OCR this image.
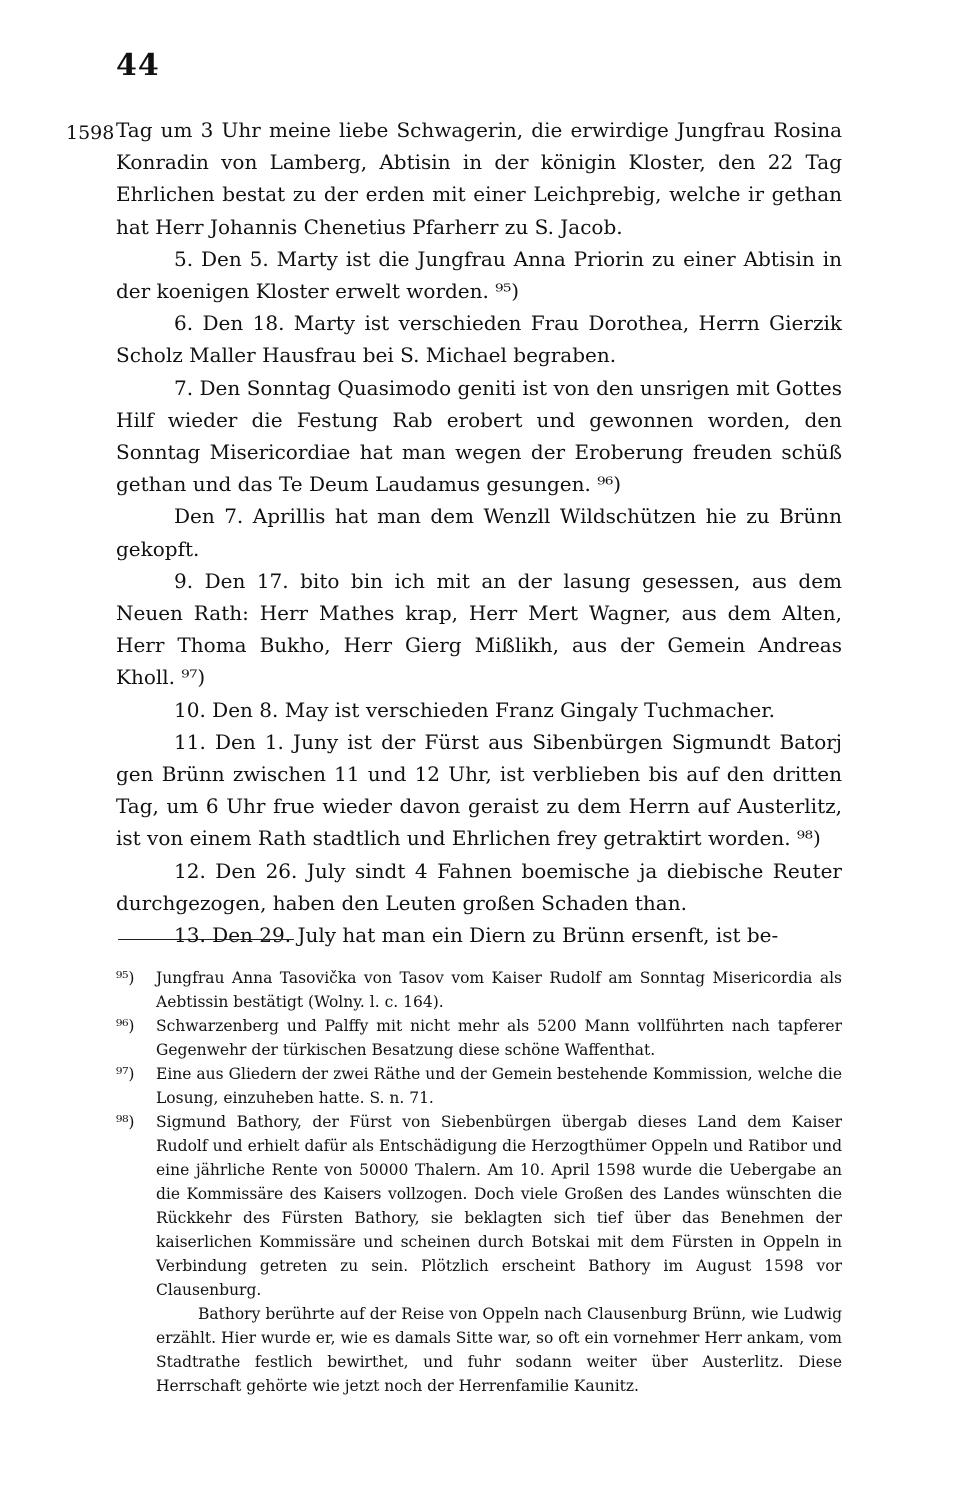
44
1598 Tag um 3 Uhr meine liebe Schwagerin, die erwirdige Jungfrau Rosina Konradin von Lamberg, Abtisin in der königin Kloster, den 22 Tag Ehrlichen bestat zu der erden mit einer Leichprebig, welche ir gethan hat Herr Johannis Chenetius Pfarherr zu S. Jacob.

5. Den 5. Marty ist die Jungfrau Anna Priorin zu einer Abtisin in der koenigen Kloster erwelt worden. ⁹⁵)

6. Den 18. Marty ist verschieden Frau Dorothea, Herrn Gierzik Scholz Maller Hausfrau bei S. Michael begraben.

7. Den Sonntag Quasimodo geniti ist von den unsrigen mit Gottes Hilf wieder die Festung Rab erobert und gewonnen worden, den Sonntag Misericordiae hat man wegen der Eroberung freuden schüß gethan und das Te Deum Laudamus gesungen. ⁹⁶)

Den 7. Aprillis hat man dem Wenzll Wildschützen hie zu Brünn gekopft.

9. Den 17. bito bin ich mit an der lasung gesessen, aus dem Neuen Rath: Herr Mathes krap, Herr Mert Wagner, aus dem Alten, Herr Thoma Bukho, Herr Gierg Mißlikh, aus der Gemein Andreas Kholl. ⁹⁷)

10. Den 8. May ist verschieden Franz Gingaly Tuchmacher.

11. Den 1. Juny ist der Fürst aus Sibenbürgen Sigmundt Batorj gen Brünn zwischen 11 und 12 Uhr, ist verblieben bis auf den dritten Tag, um 6 Uhr frue wieder davon geraist zu dem Herrn auf Austerlitz, ist von einem Rath stadtlich und Ehrlichen frey getraktirt worden. ⁹⁸)

12. Den 26. July sindt 4 Fahnen boemische ja diebische Reuter durchgezogen, haben den Leuten großen Schaden than.

13. Den 29. July hat man ein Diern zu Brünn ersenft, ist be-

⁹⁵) Jungfrau Anna Tasovička von Tasov vom Kaiser Rudolf am Sonntag Misericordia als Aebtissin bestätigt (Wolny. l. c. 164).

⁹⁶) Schwarzenberg und Palffy mit nicht mehr als 5200 Mann vollführten nach tapferer Gegenwehr der türkischen Besatzung diese schöne Waffenthat.

⁹⁷) Eine aus Gliedern der zwei Räthe und der Gemein bestehende Kommission, welche die Losung, einzuheben hatte. S. n. 71.

⁹⁸) Sigmund Bathory, der Fürst von Siebenbürgen übergab dieses Land dem Kaiser Rudolf und erhielt dafür als Entschädigung die Herzogthümer Oppeln und Ratibor und eine jährliche Rente von 50000 Thalern. Am 10. April 1598 wurde die Uebergabe an die Kommissäre des Kaisers vollzogen. Doch viele Großen des Landes wünschten die Rückkehr des Fürsten Bathory, sie beklagten sich tief über das Benehmen der kaiserlichen Kommissäre und scheinen durch Botskai mit dem Fürsten in Oppeln in Verbindung getreten zu sein. Plötzlich erscheint Bathory im August 1598 vor Clausenburg.

Bathory berührte auf der Reise von Oppeln nach Clausenburg Brünn, wie Ludwig erzählt. Hier wurde er, wie es damals Sitte war, so oft ein vornehmer Herr ankam, vom Stadtrathe festlich bewirthet, und fuhr sodann weiter über Austerlitz. Diese Herrschaft gehörte wie jetzt noch der Herrenfamilie Kaunitz.
